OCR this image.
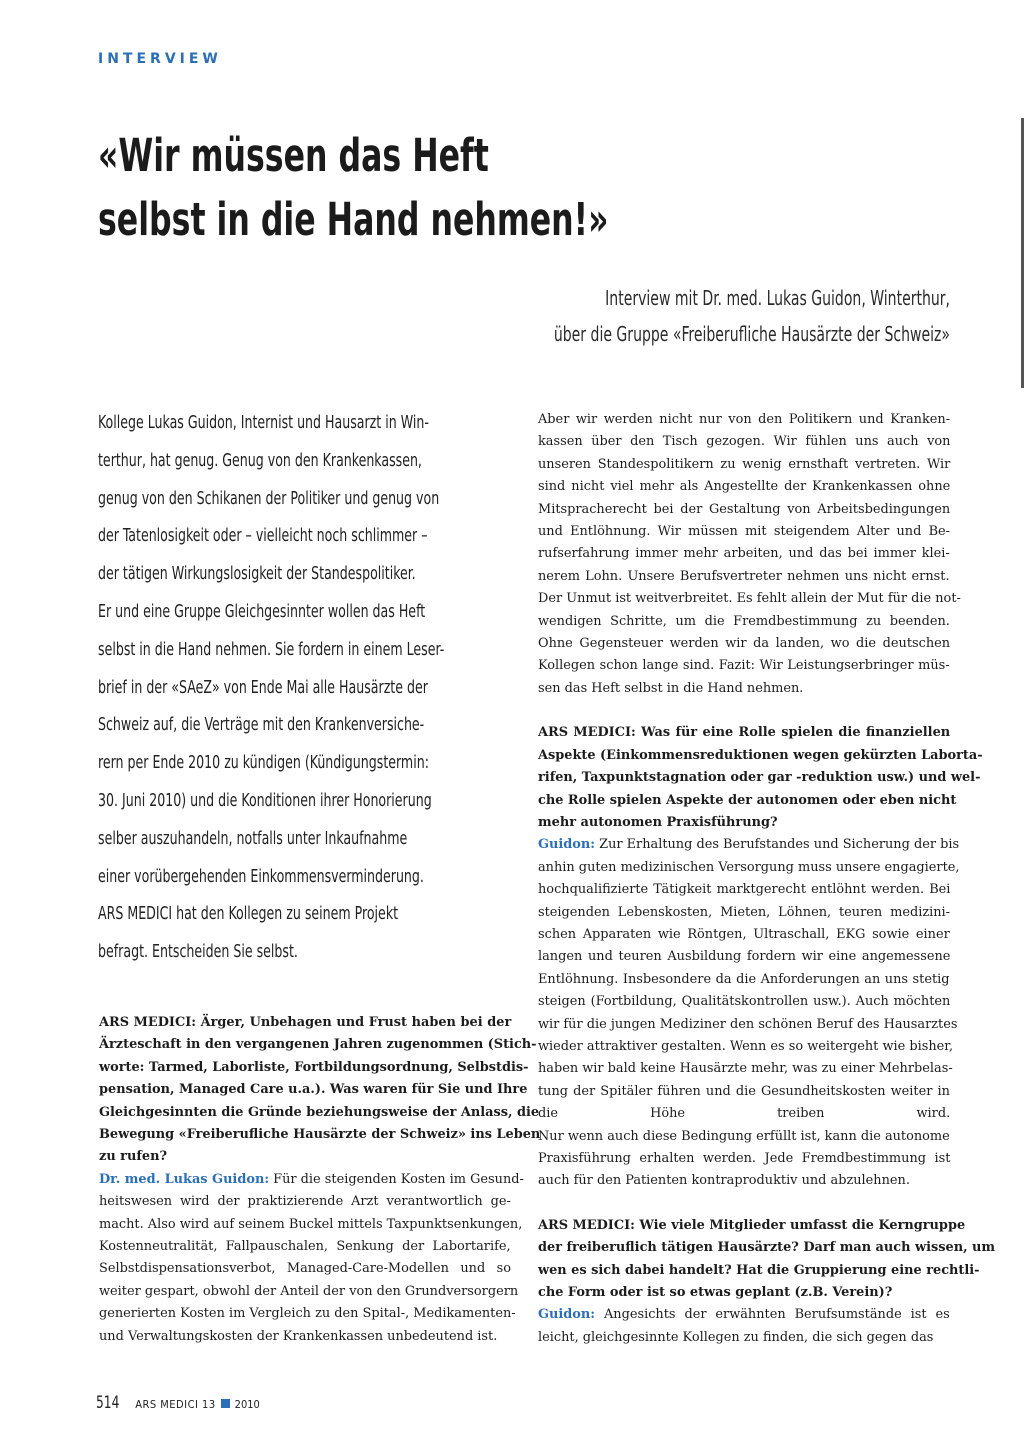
INTERVIEW
«Wir müssen das Heft
selbst in die Hand nehmen!»
Interview mit Dr. med. Lukas Guidon, Winterthur,
über die Gruppe «Freiberufliche Hausärzte der Schweiz»
Kollege Lukas Guidon, Internist und Hausarzt in Win-
terthur, hat genug. Genug von den Krankenkassen,
genug von den Schikanen der Politiker und genug von
der Tatenlosigkeit oder – vielleicht noch schlimmer –
der tätigen Wirkungslosigkeit der Standespolitiker.
Er und eine Gruppe Gleichgesinnter wollen das Heft
selbst in die Hand nehmen. Sie fordern in einem Leser-
brief in der «SAeZ» von Ende Mai alle Hausärzte der
Schweiz auf, die Verträge mit den Krankenversiche-
rern per Ende 2010 zu kündigen (Kündigungstermin:
30. Juni 2010) und die Konditionen ihrer Honorierung
selber auszuhandeln, notfalls unter Inkaufnahme
einer vorübergehenden Einkommensverminderung.
ARS MEDICI hat den Kollegen zu seinem Projekt
befragt. Entscheiden Sie selbst.

ARS MEDICI: Ärger, Unbehagen und Frust haben bei der
Ärzteschaft in den vergangenen Jahren zugenommen (Stich-
worte: Tarmed, Laborliste, Fortbildungsordnung, Selbstdis-
pensation, Managed Care u.a.). Was waren für Sie und Ihre
Gleichgesinnten die Gründe beziehungsweise der Anlass, die
Bewegung «Freiberufliche Hausärzte der Schweiz» ins Leben
zu rufen?

Dr. med. Lukas Guidon: Für die steigenden Kosten im Gesund-
heitswesen wird der praktizierende Arzt verantwortlich ge-
macht. Also wird auf seinem Buckel mittels Taxpunktsenkungen,
Kostenneutralität, Fallpauschalen, Senkung der Labortarife,
Selbstdispensationsverbot, Managed-Care-Modellen und so
weiter gespart, obwohl der Anteil der von den Grundversorgern
generierten Kosten im Vergleich zu den Spital-, Medikamenten-
und Verwaltungskosten der Krankenkassen unbedeutend ist.

Aber wir werden nicht nur von den Politikern und Kranken-
kassen über den Tisch gezogen. Wir fühlen uns auch von
unseren Standespolitikern zu wenig ernsthaft vertreten. Wir
sind nicht viel mehr als Angestellte der Krankenkassen ohne
Mitspracherecht bei der Gestaltung von Arbeitsbedingungen
und Entlöhnung. Wir müssen mit steigendem Alter und Be-
rufserfahrung immer mehr arbeiten, und das bei immer klei-
nerem Lohn. Unsere Berufsvertreter nehmen uns nicht ernst.
Der Unmut ist weitverbreitet. Es fehlt allein der Mut für die not-
wendigen Schritte, um die Fremdbestimmung zu beenden.
Ohne Gegensteuer werden wir da landen, wo die deutschen
Kollegen schon lange sind. Fazit: Wir Leistungserbringer müs-
sen das Heft selbst in die Hand nehmen.

ARS MEDICI: Was für eine Rolle spielen die finanziellen
Aspekte (Einkommensreduktionen wegen gekürzten Laborta-
rifen, Taxpunktstagnation oder gar -reduktion usw.) und wel-
che Rolle spielen Aspekte der autonomen oder eben nicht
mehr autonomen Praxisführung?

Guidon: Zur Erhaltung des Berufstandes und Sicherung der bis
anhin guten medizinischen Versorgung muss unsere engagierte,
hochqualifizierte Tätigkeit marktgerecht entlöhnt werden. Bei
steigenden Lebenskosten, Mieten, Löhnen, teuren medizini-
schen Apparaten wie Röntgen, Ultraschall, EKG sowie einer
langen und teuren Ausbildung fordern wir eine angemessene
Entlöhnung. Insbesondere da die Anforderungen an uns stetig
steigen (Fortbildung, Qualitätskontrollen usw.). Auch möchten
wir für die jungen Mediziner den schönen Beruf des Hausarztes
wieder attraktiver gestalten. Wenn es so weitergeht wie bisher,
haben wir bald keine Hausärzte mehr, was zu einer Mehrbelas-
tung der Spitäler führen und die Gesundheitskosten weiter in
die Höhe treiben wird.
Nur wenn auch diese Bedingung erfüllt ist, kann die autonome
Praxisführung erhalten werden. Jede Fremdbestimmung ist
auch für den Patienten kontraproduktiv und abzulehnen.

ARS MEDICI: Wie viele Mitglieder umfasst die Kerngruppe
der freiberuflich tätigen Hausärzte? Darf man auch wissen, um
wen es sich dabei handelt? Hat die Gruppierung eine rechtli-
che Form oder ist so etwas geplant (z.B. Verein)?

Guidon: Angesichts der erwähnten Berufsumstände ist es
leicht, gleichgesinnte Kollegen zu finden, die sich gegen das

514 ARS MEDICI 13 2010
